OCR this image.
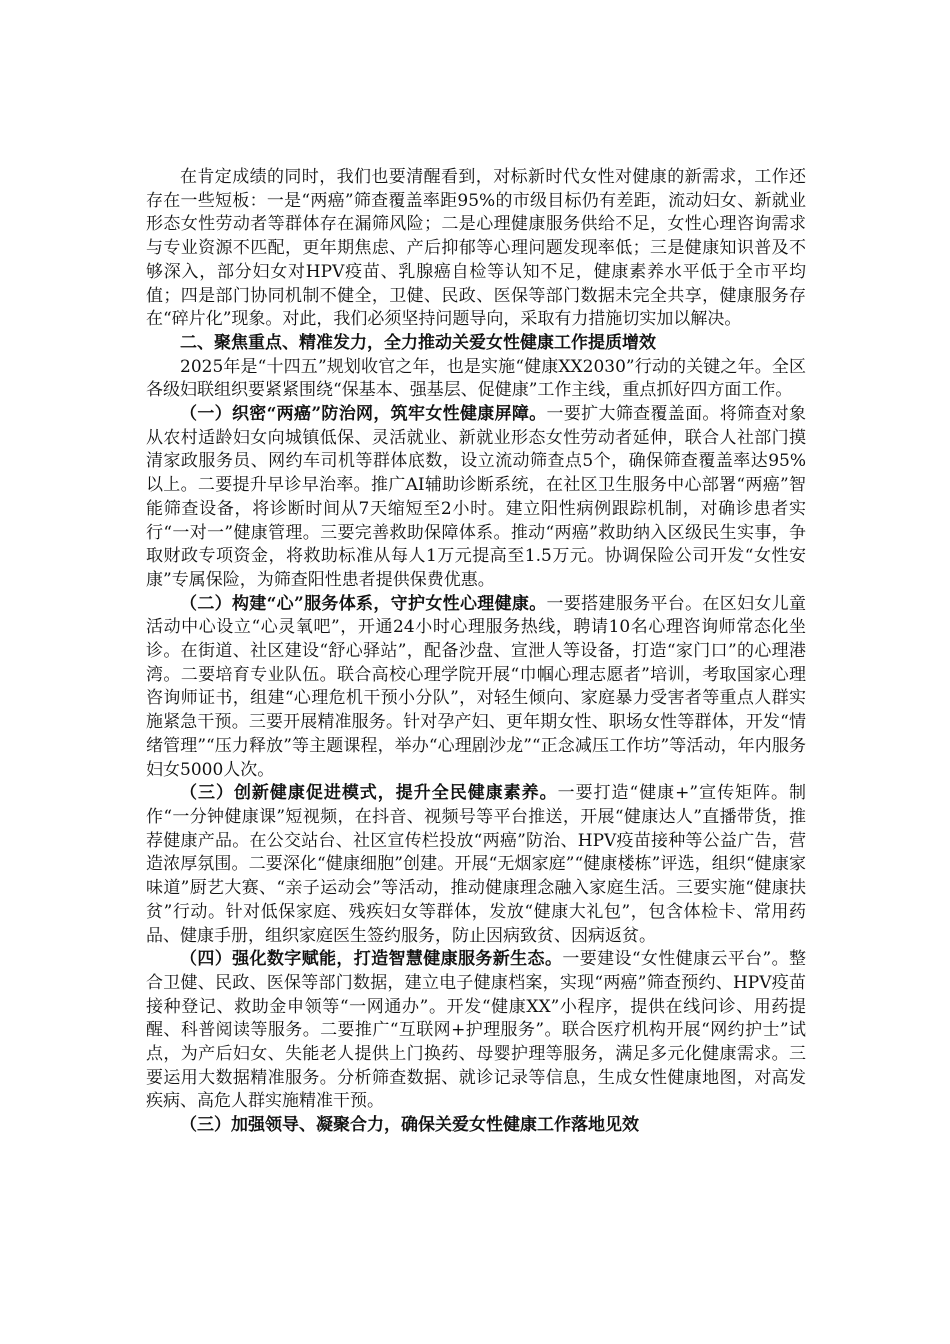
在肯定成绩的同时，我们也要清醒看到，对标新时代女性对健康的新需求，工作还存在一些短板：一是“两癌”筛查覆盖率距95%的市级目标仍有差距，流动妇女、新就业形态女性劳动者等群体存在漏筛风险；二是心理健康服务供给不足，女性心理咨询需求与专业资源不匹配，更年期焦虑、产后抑郁等心理问题发现率低；三是健康知识普及不够深入，部分妇女对HPV疫苗、乳腺癌自检等认知不足，健康素养水平低于全市平均值；四是部门协同机制不健全，卫健、民政、医保等部门数据未完全共享，健康服务存在“碎片化”现象。对此，我们必须坚持问题导向，采取有力措施切实加以解决。

二、聚焦重点、精准发力，全力推动关爱女性健康工作提质增效

2025年是“十四五”规划收官之年，也是实施“健康XX2030”行动的关键之年。全区各级妇联组织要紧紧围绕“保基本、强基层、促健康”工作主线，重点抓好四方面工作。

（一）织密“两癌”防治网，筑牢女性健康屏障。一要扩大筛查覆盖面。将筛查对象从农村适龄妇女向城镇低保、灵活就业、新就业形态女性劳动者延伸，联合人社部门摸清家政服务员、网约车司机等群体底数，设立流动筛查点5个，确保筛查覆盖率达95%以上。二要提升早诊早治率。推广AI辅助诊断系统，在社区卫生服务中心部署“两癌”智能筛查设备，将诊断时间从7天缩短至2小时。建立阳性病例跟踪机制，对确诊患者实行“一对一”健康管理。三要完善救助保障体系。推动“两癌”救助纳入区级民生实事，争取财政专项资金，将救助标准从每人1万元提高至1.5万元。协调保险公司开发“女性安康”专属保险，为筛查阳性患者提供保费优惠。

（二）构建“心”服务体系，守护女性心理健康。一要搭建服务平台。在区妇女儿童活动中心设立“心灵氧吧”，开通24小时心理服务热线，聘请10名心理咨询师常态化坐诊。在街道、社区建设“舒心驿站”，配备沙盘、宣泄人等设备，打造“家门口”的心理港湾。二要培育专业队伍。联合高校心理学院开展“巾帼心理志愿者”培训，考取国家心理咨询师证书，组建“心理危机干预小分队”，对轻生倾向、家庭暴力受害者等重点人群实施紧急干预。三要开展精准服务。针对孕产妇、更年期女性、职场女性等群体，开发“情绪管理”“压力释放”等主题课程，举办“心理剧沙龙”“正念减压工作坊”等活动，年内服务妇女5000人次。

（三）创新健康促进模式，提升全民健康素养。一要打造“健康+”宣传矩阵。制作“一分钟健康课”短视频，在抖音、视频号等平台推送，开展“健康达人”直播带货，推荐健康产品。在公交站台、社区宣传栏投放“两癌”防治、HPV疫苗接种等公益广告，营造浓厚氛围。二要深化“健康细胞”创建。开展“无烟家庭”“健康楼栋”评选，组织“健康家味道”厨艺大赛、“亲子运动会”等活动，推动健康理念融入家庭生活。三要实施“健康扶贫”行动。针对低保家庭、残疾妇女等群体，发放“健康大礼包”，包含体检卡、常用药品、健康手册，组织家庭医生签约服务，防止因病致贫、因病返贫。

（四）强化数字赋能，打造智慧健康服务新生态。一要建设“女性健康云平台”。整合卫健、民政、医保等部门数据，建立电子健康档案，实现“两癌”筛查预约、HPV疫苗接种登记、救助金申领等“一网通办”。开发“健康XX”小程序，提供在线问诊、用药提醒、科普阅读等服务。二要推广“互联网+护理服务”。联合医疗机构开展“网约护士”试点，为产后妇女、失能老人提供上门换药、母婴护理等服务，满足多元化健康需求。三要运用大数据精准服务。分析筛查数据、就诊记录等信息，生成女性健康地图，对高发疾病、高危人群实施精准干预。

（三）加强领导、凝聚合力，确保关爱女性健康工作落地见效
